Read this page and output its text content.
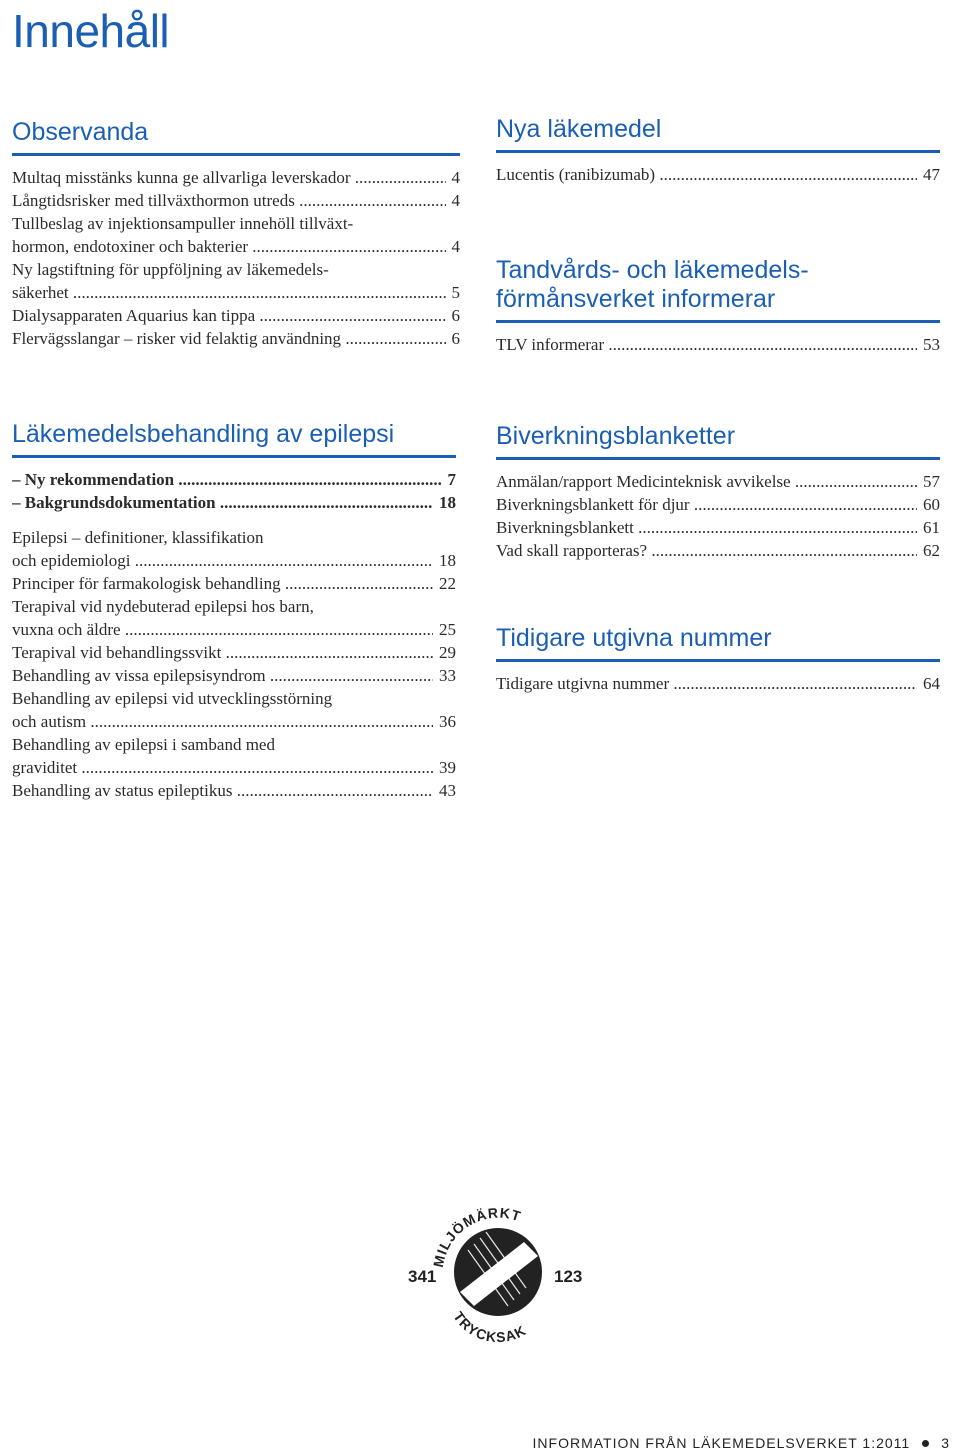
Innehåll
Observanda
Multaq misstänks kunna ge allvarliga leverskador .....	4
Långtidsrisker med tillväxthormon utreds .....	4
Tullbeslag av injektionsampuller innehöll tillväxt-
hormon, endotoxiner och bakterier .....	4
Ny lagstiftning för uppföljning av läkemedels-
säkerhet .....	5
Dialysapparaten Aquarius kan tippa .....	6
Flervägsslangar – risker vid felaktig användning .....	6
Nya läkemedel
Lucentis (ranibizumab) .....	47
Tandvårds- och läkemedels-
förmånsverket informerar
TLV informerar .....	53
Läkemedelsbehandling av epilepsi
– Ny rekommendation .....	7
– Bakgrundsdokumentation .....	18
Epilepsi – definitioner, klassifikation
och epidemiologi .....	18
Principer för farmakologisk behandling .....	22
Terapival vid nydebuterad epilepsi hos barn,
vuxna och äldre .....	25
Terapival vid behandlingssvikt .....	29
Behandling av vissa epilepsisyndrom .....	33
Behandling av epilepsi vid utvecklingsstörning
och autism .....	36
Behandling av epilepsi i samband med
graviditet .....	39
Behandling av status epileptikus .....	43
Biverkningsblanketter
Anmälan/rapport Medicinteknisk avvikelse .....	57
Biverkningsblankett för djur .....	60
Biverkningsblankett .....	61
Vad skall rapporteras? .....	62
Tidigare utgivna nummer
Tidigare utgivna nummer .....	64
MILJÖMÄRKT
TRYCKSAK
341	123
INFORMATION FRÅN LÄKEMEDELSVERKET 1:2011 3
